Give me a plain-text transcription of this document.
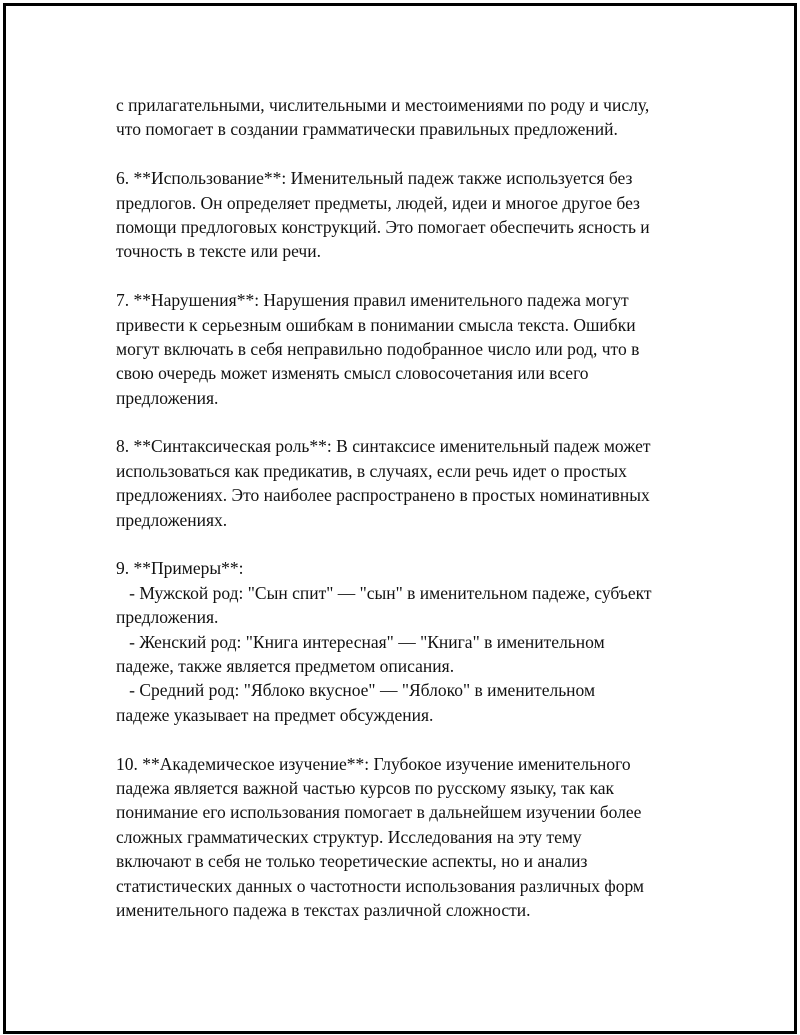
с прилагательными, числительными и местоимениями по роду и числу,
что помогает в создании грамматически правильных предложений.
6. **Использование**: Именительный падеж также используется без
предлогов. Он определяет предметы, людей, идеи и многое другое без
помощи предлоговых конструкций. Это помогает обеспечить ясность и
точность в тексте или речи.
7. **Нарушения**: Нарушения правил именительного падежа могут
привести к серьезным ошибкам в понимании смысла текста. Ошибки
могут включать в себя неправильно подобранное число или род, что в
свою очередь может изменять смысл словосочетания или всего
предложения.
8. **Синтаксическая роль**: В синтаксисе именительный падеж может
использоваться как предикатив, в случаях, если речь идет о простых
предложениях. Это наиболее распространено в простых номинативных
предложениях.
9. **Примеры**:
- Мужской род: "Сын спит" — "сын" в именительном падеже, субъект
предложения.
- Женский род: "Книга интересная" — "Книга" в именительном
падеже, также является предметом описания.
- Средний род: "Яблоко вкусное" — "Яблоко" в именительном
падеже указывает на предмет обсуждения.
10. **Академическое изучение**: Глубокое изучение именительного
падежа является важной частью курсов по русскому языку, так как
понимание его использования помогает в дальнейшем изучении более
сложных грамматических структур. Исследования на эту тему
включают в себя не только теоретические аспекты, но и анализ
статистических данных о частотности использования различных форм
именительного падежа в текстах различной сложности.
